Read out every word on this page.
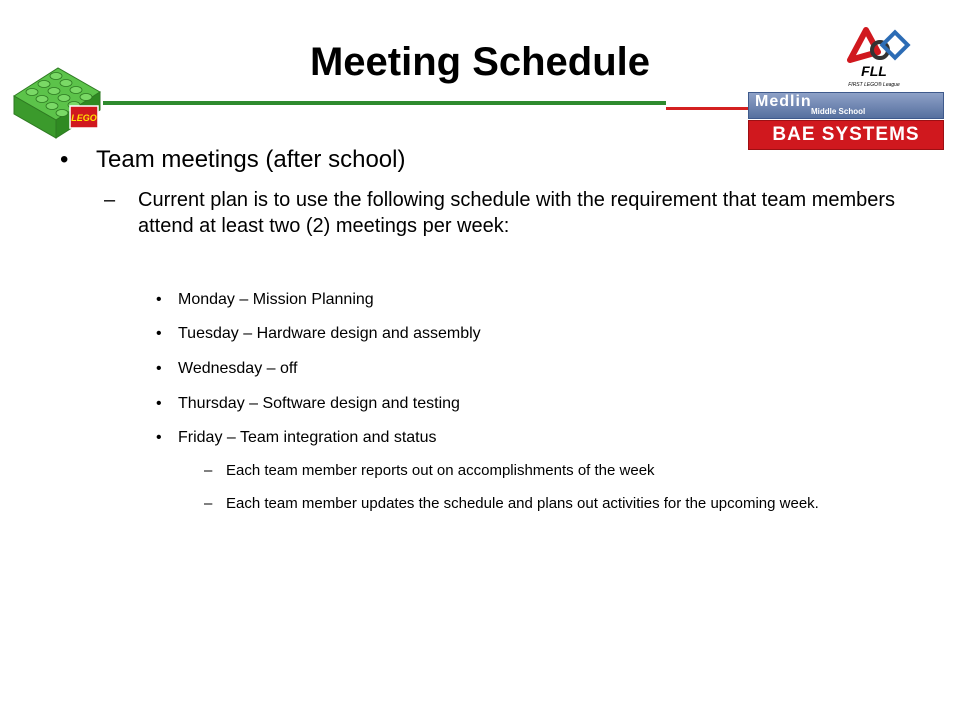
Meeting Schedule
LEGO
FLL
FIRST LEGO® League
Medlin
Middle School
BAE SYSTEMS
• Team meetings (after school)
– Current plan is to use the following schedule with the requirement that team members attend at least two (2) meetings per week:
• Monday – Mission Planning
• Tuesday – Hardware design and assembly
• Wednesday – off
• Thursday – Software design and testing
• Friday – Team integration and status
– Each team member reports out on accomplishments of the week
– Each team member updates the schedule and plans out activities for the upcoming week.
